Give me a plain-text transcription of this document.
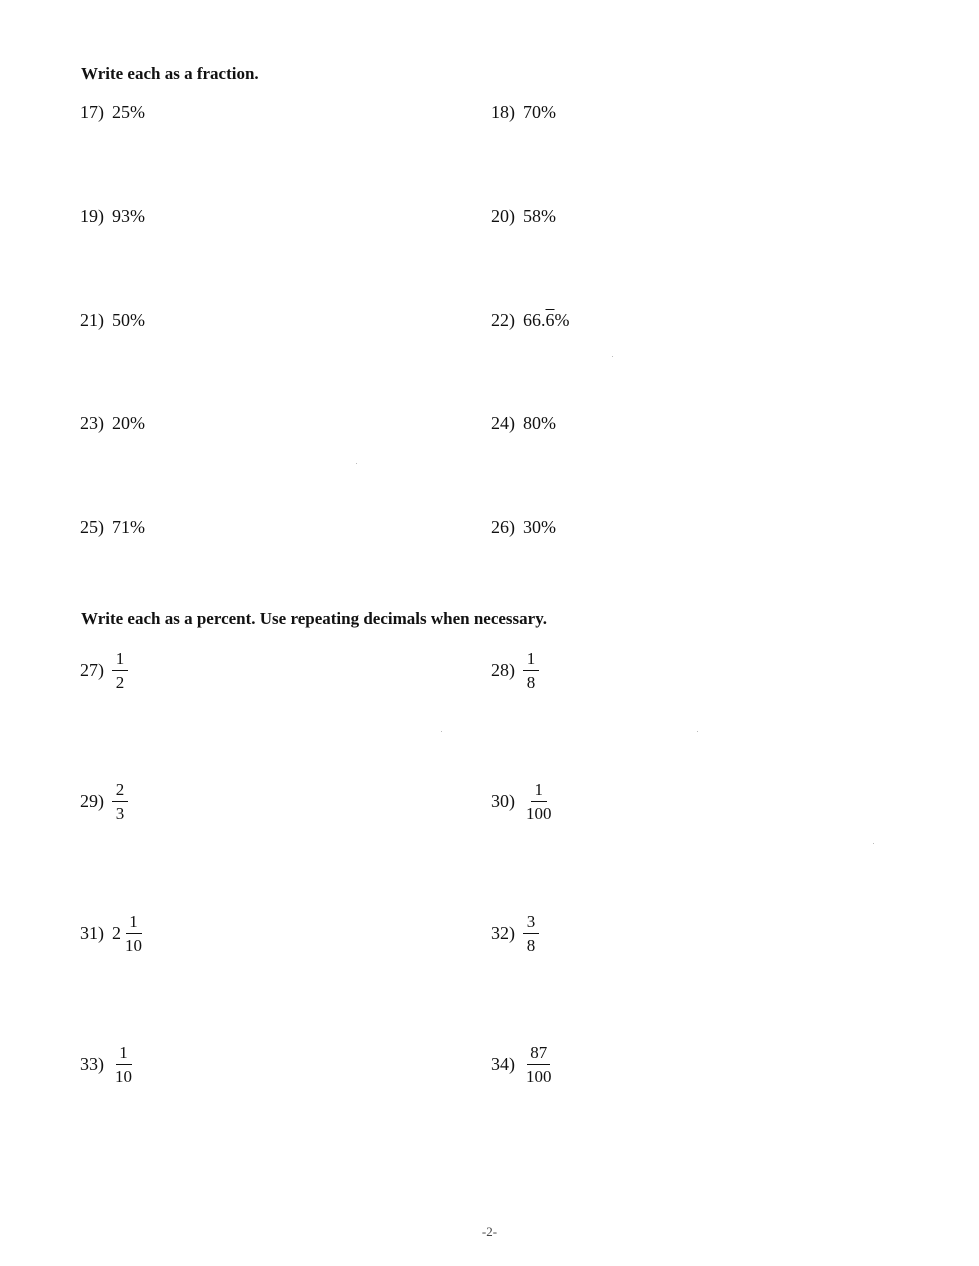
Write each as a fraction.
17) 25%	18) 70%
19) 93%	20) 58%
21) 50%	22) 66.6%
23) 20%	24) 80%
25) 71%	26) 30%
Write each as a percent. Use repeating decimals when necessary.
$27) \frac{1}{2}$	$28) \frac{1}{8}$
$29) \frac{2}{3}$	$30) \frac{1}{100}$
31) $2 \frac{1}{10}$	$32) \frac{3}{8}$
$33) \frac{1}{10}$	$34) \frac{87}{100}$
-2-
